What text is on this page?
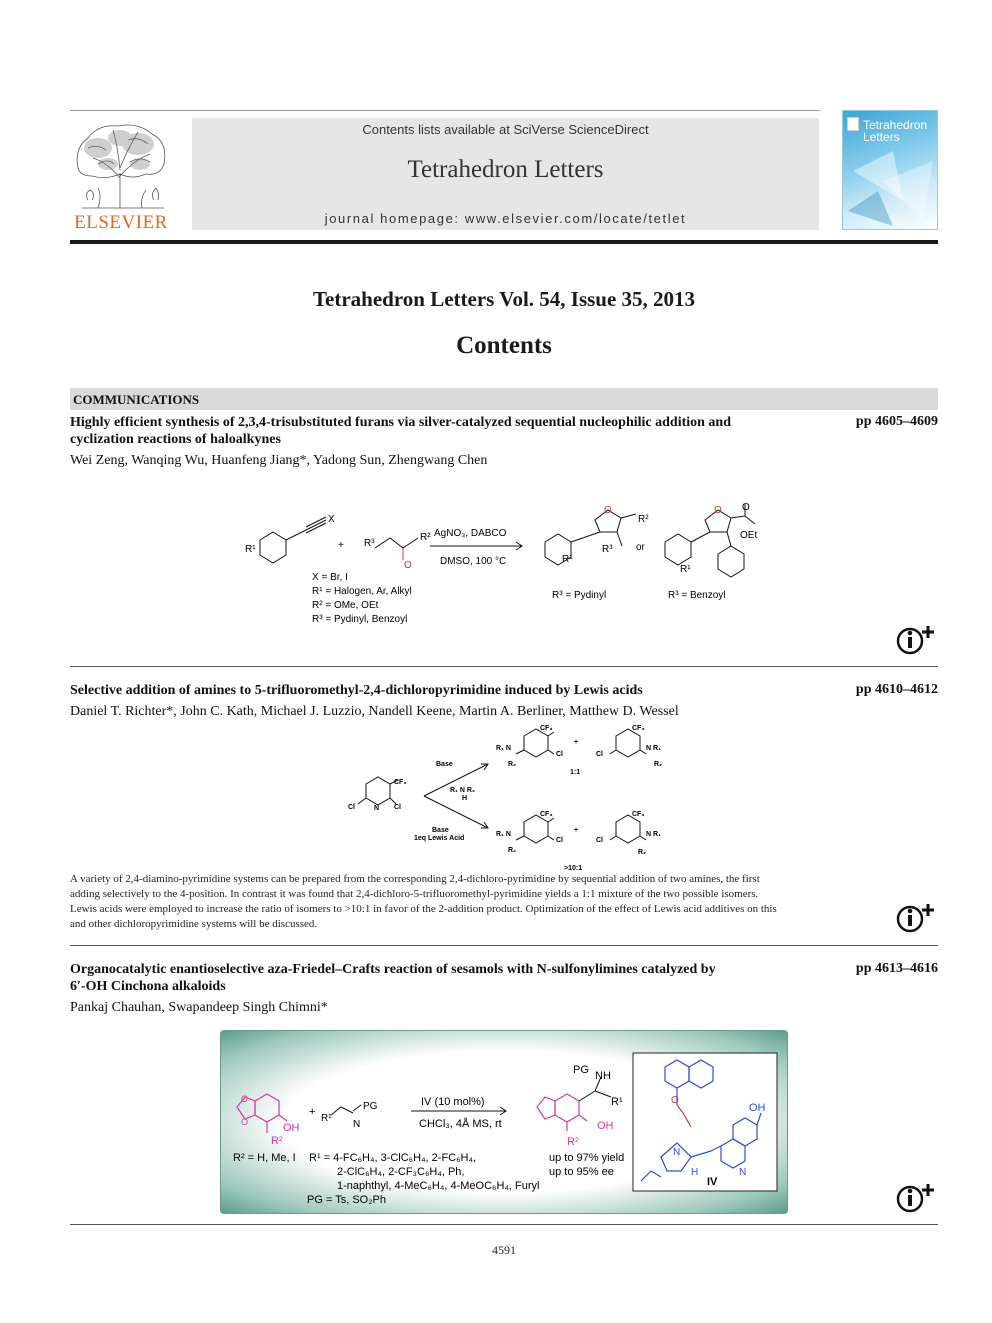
ELSEVIER
Contents lists available at SciVerse ScienceDirect
Tetrahedron Letters
journal homepage: www.elsevier.com/locate/tetlet
Tetrahedron
Letters
Tetrahedron Letters Vol. 54, Issue 35, 2013
Contents
COMMUNICATIONS
Highly efficient synthesis of 2,3,4-trisubstituted furans via silver-catalyzed sequential nucleophilic addition and
cyclization reactions of haloalkynes
pp 4605–4609
Wei Zeng, Wanqing Wu, Huanfeng Jiang*, Yadong Sun, Zhengwang Chen
X
R¹	+ R³
O
R² AgNO₃, DABCO
DMSO, 100 °C
O
R²
R³
R¹
or
O O
OEt
R¹
X = Br, I
R¹ = Halogen, Ar, Alkyl
R² = OMe, OEt
R³ = Pydinyl, Benzoyl
R³ = Pydinyl	R³ = Benzoyl
Selective addition of amines to 5-trifluoromethyl-2,4-dichloropyrimidine induced by Lewis acids	pp 4610–4612
Daniel T. Richter*, John C. Kath, Michael J. Luzzio, Nandell Keene, Martin A. Berliner, Matthew D. Wessel
CF₃
Cl	N Cl
R₁ N R₂
H
Base
Base
1eq Lewis Acid
CF₃
R₁ N
R₂
Cl
+
CF₃
Cl
N R₁
R₂
1:1
CF₃
R₁ N
R₂
Cl
+
CF₃
Cl
N R₁
R₂
>10:1
A variety of 2,4-diamino-pyrimidine systems can be prepared from the corresponding 2,4-dichloro-pyrimidine by sequential addition of two amines, the first
adding selectively to the 4-position. In contrast it was found that 2,4-dichloro-5-trifluoromethyl-pyrimidine yields a 1:1 mixture of the two possible isomers.
Lewis acids were employed to increase the ratio of isomers to >10:1 in favor of the 2-addition product. Optimization of the effect of Lewis acid additives on this
and other dichloropyrimidine systems will be discussed.
Organocatalytic enantioselective aza-Friedel–Crafts reaction of sesamols with N-sulfonylimines catalyzed by
6′-OH Cinchona alkaloids
pp 4613–4616
Pankaj Chauhan, Swapandeep Singh Chimni*
OH
R²
O
O
+
R¹
N
PG	IV (10 mol%)
CHCl₃, 4Å MS, rt
PG NH
R¹
OH
R²
OH
O
N
H	N
IV
R² = H, Me, I R¹ = 4-FC₆H₄, 3-ClC₆H₄, 2-FC₆H₄,
2-ClC₆H₄, 2-CF₃C₆H₄, Ph,
1-naphthyl, 4-MeC₆H₄, 4-MeOC₆H₄, Furyl
PG = Ts, SO₂Ph
up to 97% yield
up to 95% ee
4591
